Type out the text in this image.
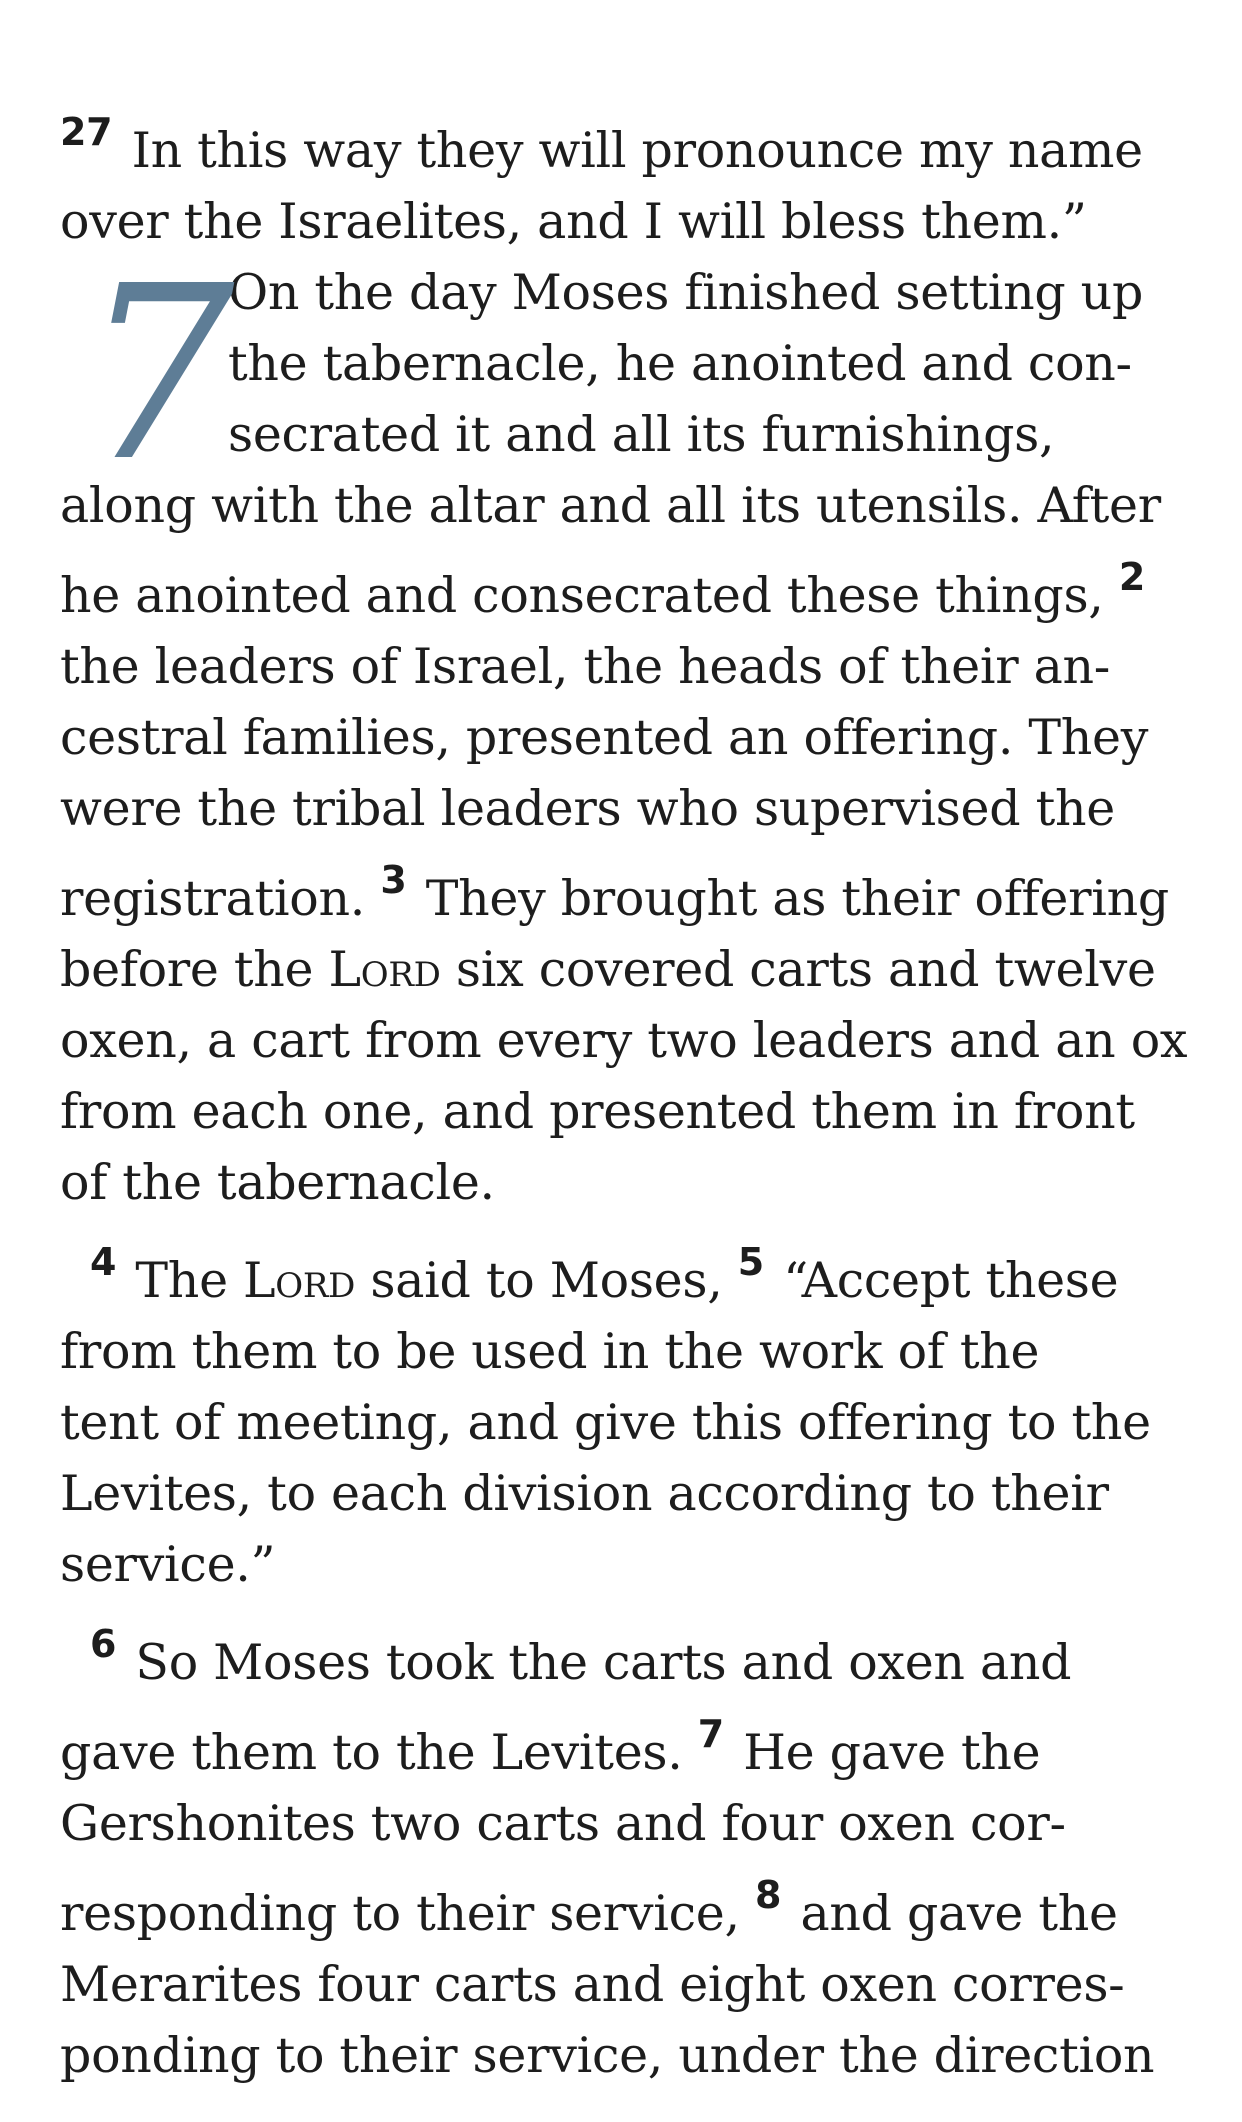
$^{27}$ In this way they will pronounce my name
over the Israelites, and I will bless them.”
7
On the day Moses finished setting up
the tabernacle, he anointed and con-
secrated it and all its furnishings,
along with the altar and all its utensils. After
he anointed and consecrated these things, $^2$
the leaders of Israel, the heads of their an-
cestral families, presented an offering. They
were the tribal leaders who supervised the
registration. $^3$ They brought as their offering
before the Lord six covered carts and twelve
oxen, a cart from every two leaders and an ox
from each one, and presented them in front
of the tabernacle.
$^4$ The Lord said to Moses, $^5$ “Accept these
from them to be used in the work of the
tent of meeting, and give this offering to the
Levites, to each division according to their
service.”
$^6$ So Moses took the carts and oxen and
gave them to the Levites. $^7$ He gave the
Gershonites two carts and four oxen cor-
responding to their service, $^8$ and gave the
Merarites four carts and eight oxen corres-
ponding to their service, under the direction
